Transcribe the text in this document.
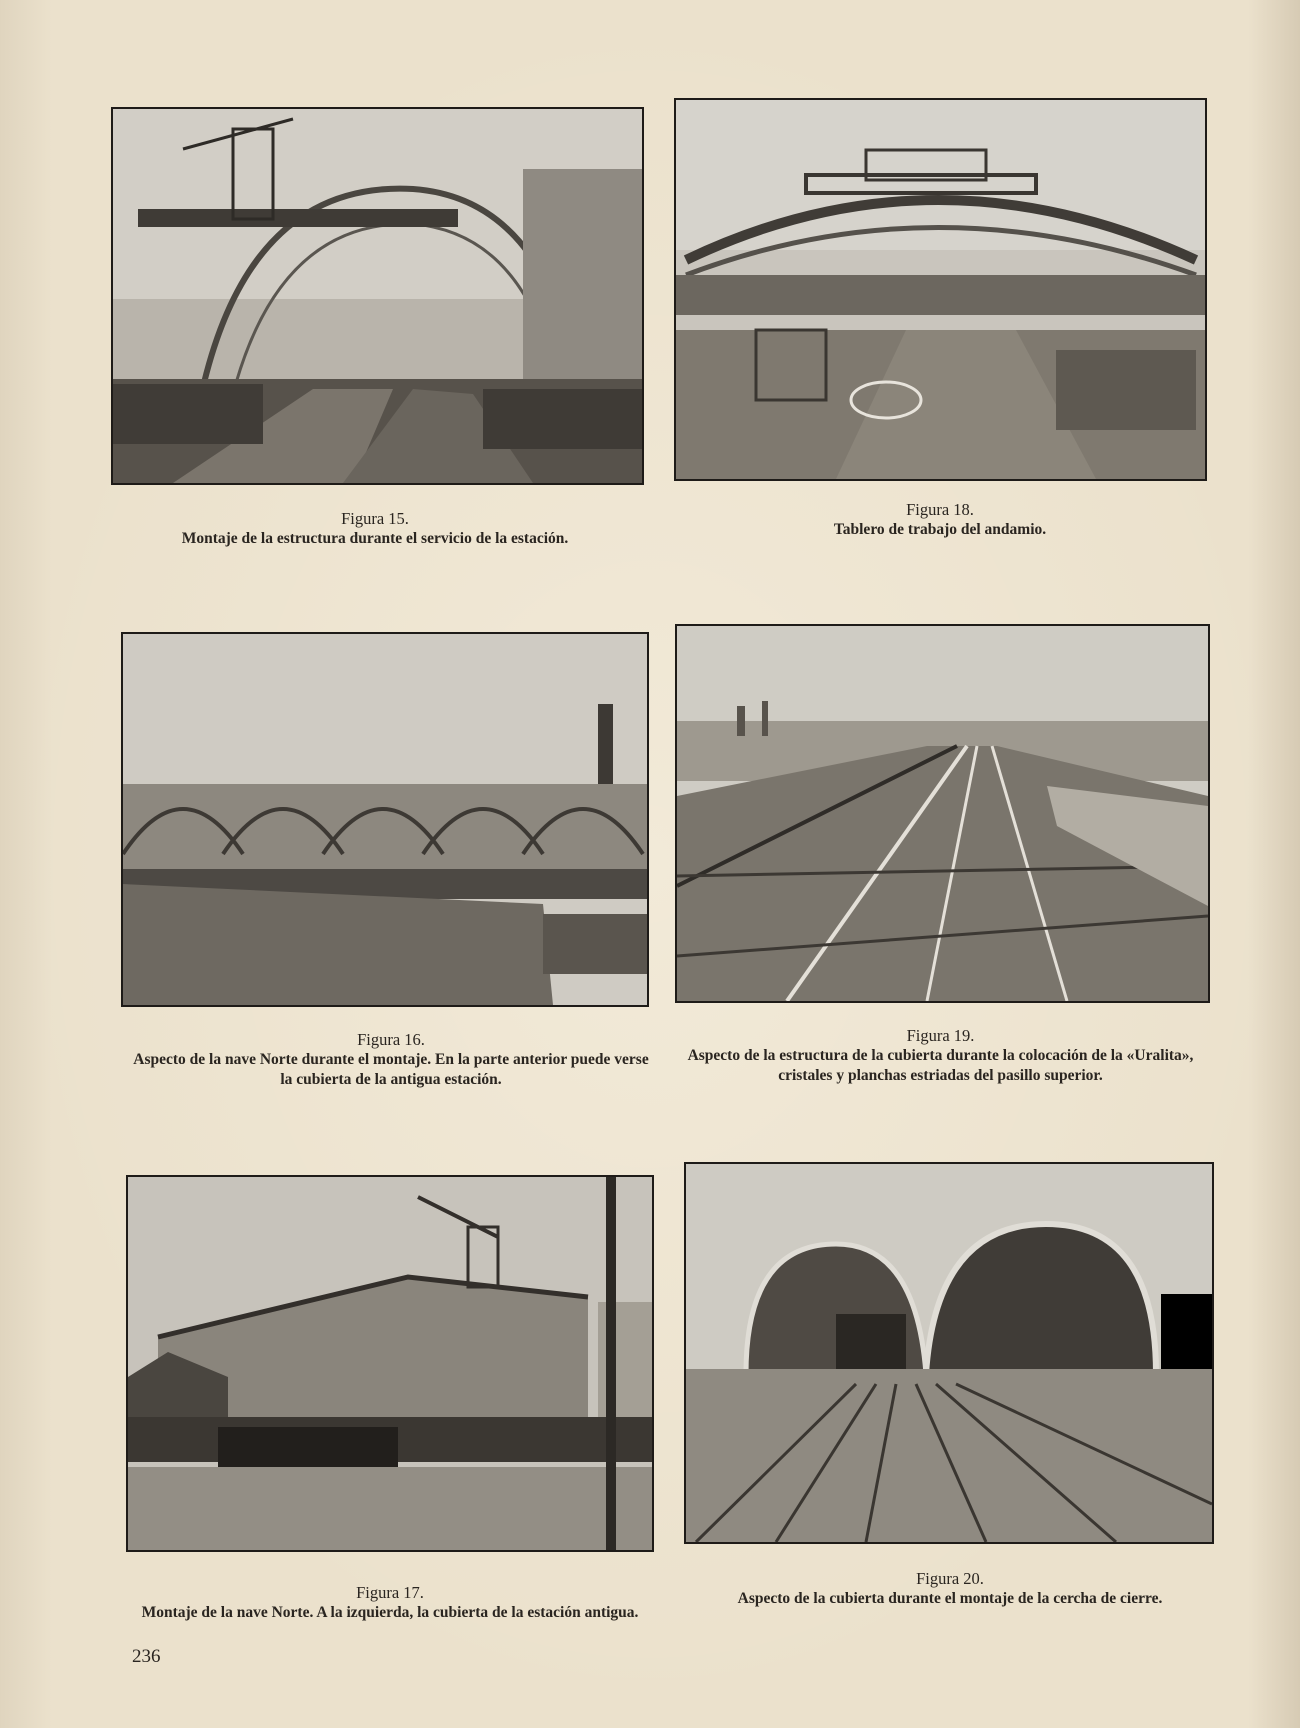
Figura 15.
Montaje de la estructura durante el servicio de la estación.
Figura 18.
Tablero de trabajo del andamio.
Figura 16.
Aspecto de la nave Norte durante el montaje. En la parte anterior puede verse la cubierta de la antigua estación.
Figura 19.
Aspecto de la estructura de la cubierta durante la colocación de la «Uralita», cristales y planchas estriadas del pasillo superior.
Figura 17.
Montaje de la nave Norte. A la izquierda, la cubierta de la estación antigua.
Figura 20.
Aspecto de la cubierta durante el montaje de la cercha de cierre.
236
